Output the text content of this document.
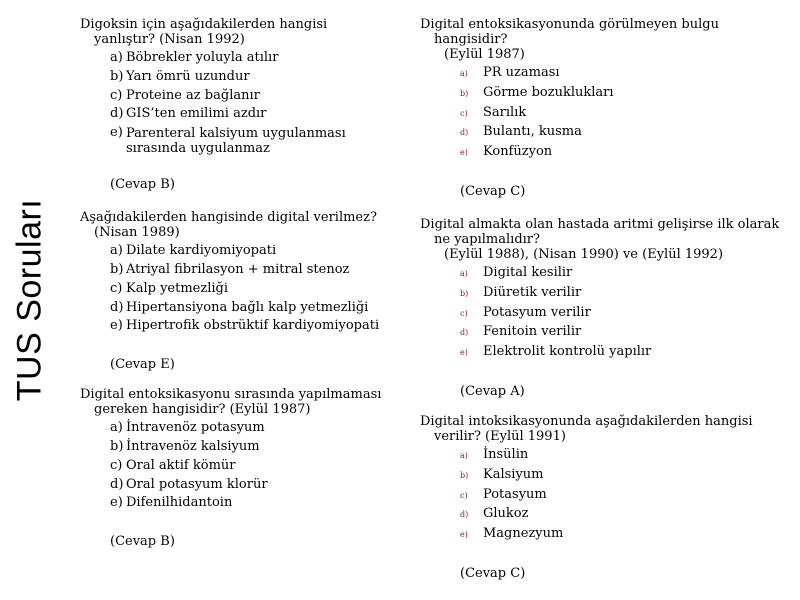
TUS Soruları
Digoksin için aşağıdakilerden hangisi yanlıştır? (Nisan 1992)
a) Böbrekler yoluyla atılır
b) Yarı ömrü uzundur
c) Proteine az bağlanır
d) GIS’ten emilimi azdır
e) Parenteral kalsiyum uygulanması sırasında uygulanmaz
(Cevap B)
Aşağıdakilerden hangisinde digital verilmez? (Nisan 1989)
a) Dilate kardiyomiyopati
b) Atriyal fibrilasyon + mitral stenoz
c) Kalp yetmezliği
d) Hipertansiyona bağlı kalp yetmezliği
e) Hipertrofik obstrüktif kardiyomiyopati
(Cevap E)
Digital entoksikasyonu sırasında yapılmaması gereken hangisidir? (Eylül 1987)
a) İntravenöz potasyum
b) İntravenöz kalsiyum
c) Oral aktif kömür
d) Oral potasyum klorür
e) Difenilhidantoin
(Cevap B)
Digital entoksikasyonunda görülmeyen bulgu hangisidir?
(Eylül 1987)
a) PR uzaması
b) Görme bozuklukları
c) Sarılık
d) Bulantı, kusma
e) Konfüzyon
(Cevap C)
Digital almakta olan hastada aritmi gelişirse ilk olarak ne yapılmalıdır?
(Eylül 1988), (Nisan 1990) ve (Eylül 1992)
a) Digital kesilir
b) Diüretik verilir
c) Potasyum verilir
d) Fenitoin verilir
e) Elektrolit kontrolü yapılır
(Cevap A)
Digital intoksikasyonunda aşağıdakilerden hangisi verilir? (Eylül 1991)
a) İnsülin
b) Kalsiyum
c) Potasyum
d) Glukoz
e) Magnezyum
(Cevap C)
